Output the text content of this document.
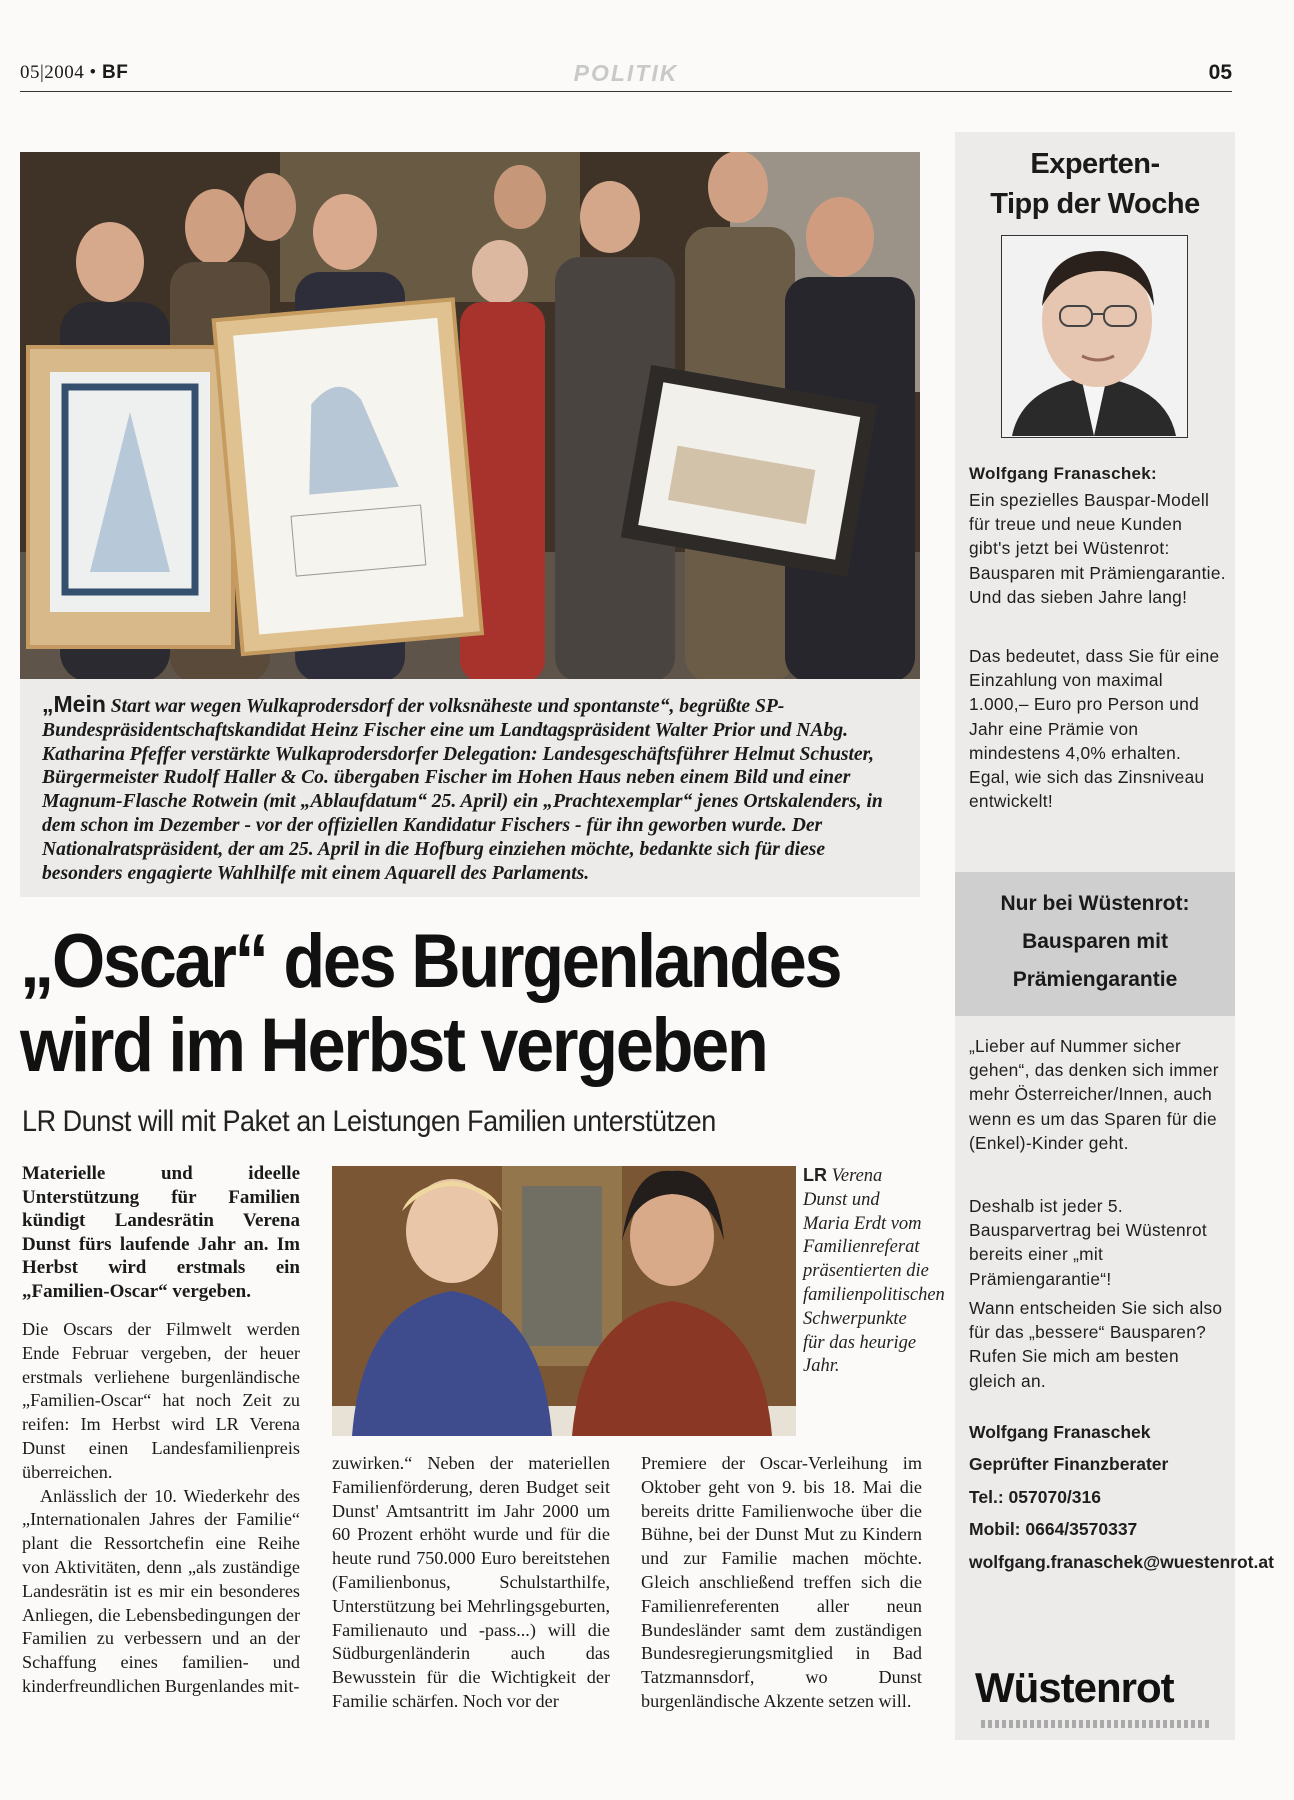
05|2004 • BF	POLITIK	05
„Mein Start war wegen Wulkaprodersdorf der volksnäheste und spontanste“, begrüßte SP-Bundespräsidentschaftskandidat Heinz Fischer eine um Landtagspräsident Walter Prior und NAbg. Katharina Pfeffer verstärkte Wulkaprodersdorfer Delegation: Landesgeschäftsführer Helmut Schuster, Bürgermeister Rudolf Haller & Co. übergaben Fischer im Hohen Haus neben einem Bild und einer Magnum-Flasche Rotwein (mit „Ablaufdatum“ 25. April) ein „Prachtexemplar“ jenes Ortskalenders, in dem schon im Dezember - vor der offiziellen Kandidatur Fischers - für ihn geworben wurde. Der Nationalratspräsident, der am 25. April in die Hofburg einziehen möchte, bedankte sich für diese besonders engagierte Wahlhilfe mit einem Aquarell des Parlaments.
„Oscar“ des Burgenlandes
wird im Herbst vergeben
LR Dunst will mit Paket an Leistungen Familien unterstützen
Materielle und ideelle Unterstützung für Familien kündigt Landesrätin Verena Dunst fürs laufende Jahr an. Im Herbst wird erstmals ein „Familien-Oscar“ vergeben.

Die Oscars der Filmwelt werden Ende Februar vergeben, der heuer erstmals verliehene burgenländische „Familien-Oscar“ hat noch Zeit zu reifen: Im Herbst wird LR Verena Dunst einen Landesfamilienpreis überreichen.

Anlässlich der 10. Wiederkehr des „Internationalen Jahres der Familie“ plant die Ressortchefin eine Reihe von Aktivitäten, denn „als zuständige Landesrätin ist es mir ein besonderes Anliegen, die Lebensbedingungen der Familien zu verbessern und an der Schaffung eines familien- und kinderfreundlichen Burgenlandes mit-

LR Verena Dunst und Maria Erdt vom Familienreferat präsentierten die familienpolitischen Schwerpunkte für das heurige Jahr.

zuwirken.“ Neben der materiellen Familienförderung, deren Budget seit Dunst' Amtsantritt im Jahr 2000 um 60 Prozent erhöht wurde und für die heute rund 750.000 Euro bereitstehen (Familienbonus, Schulstarthilfe, Unterstützung bei Mehrlingsgeburten, Familienauto und -pass...) will die Südburgenländerin auch das Bewusstein für die Wichtigkeit der Familie schärfen. Noch vor der

Premiere der Oscar-Verleihung im Oktober geht von 9. bis 18. Mai die bereits dritte Familienwoche über die Bühne, bei der Dunst Mut zu Kindern und zur Familie machen möchte. Gleich anschließend treffen sich die Familienreferenten aller neun Bundesländer samt dem zuständigen Bundesregierungsmitglied in Bad Tatzmannsdorf, wo Dunst burgenländische Akzente setzen will.

Experten-
Tipp der Woche
Wolfgang Franaschek:
Ein spezielles Bauspar-Modell für treue und neue Kunden gibt's jetzt bei Wüstenrot: Bausparen mit Prämiengarantie. Und das sieben Jahre lang!
Das bedeutet, dass Sie für eine Einzahlung von maximal 1.000,– Euro pro Person und Jahr eine Prämie von mindestens 4,0% erhalten. Egal, wie sich das Zinsniveau entwickelt!
Nur bei Wüstenrot:
Bausparen mit
Prämiengarantie
„Lieber auf Nummer sicher gehen“, das denken sich immer mehr Österreicher/Innen, auch wenn es um das Sparen für die (Enkel)-Kinder geht.
Deshalb ist jeder 5. Bausparvertrag bei Wüstenrot bereits einer „mit Prämiengarantie“!
Wann entscheiden Sie sich also für das „bessere“ Bausparen? Rufen Sie mich am besten gleich an.
Wolfgang Franaschek
Geprüfter Finanzberater
Tel.: 057070/316
Mobil: 0664/3570337
wolfgang.franaschek@wuestenrot.at
Wüstenrot
